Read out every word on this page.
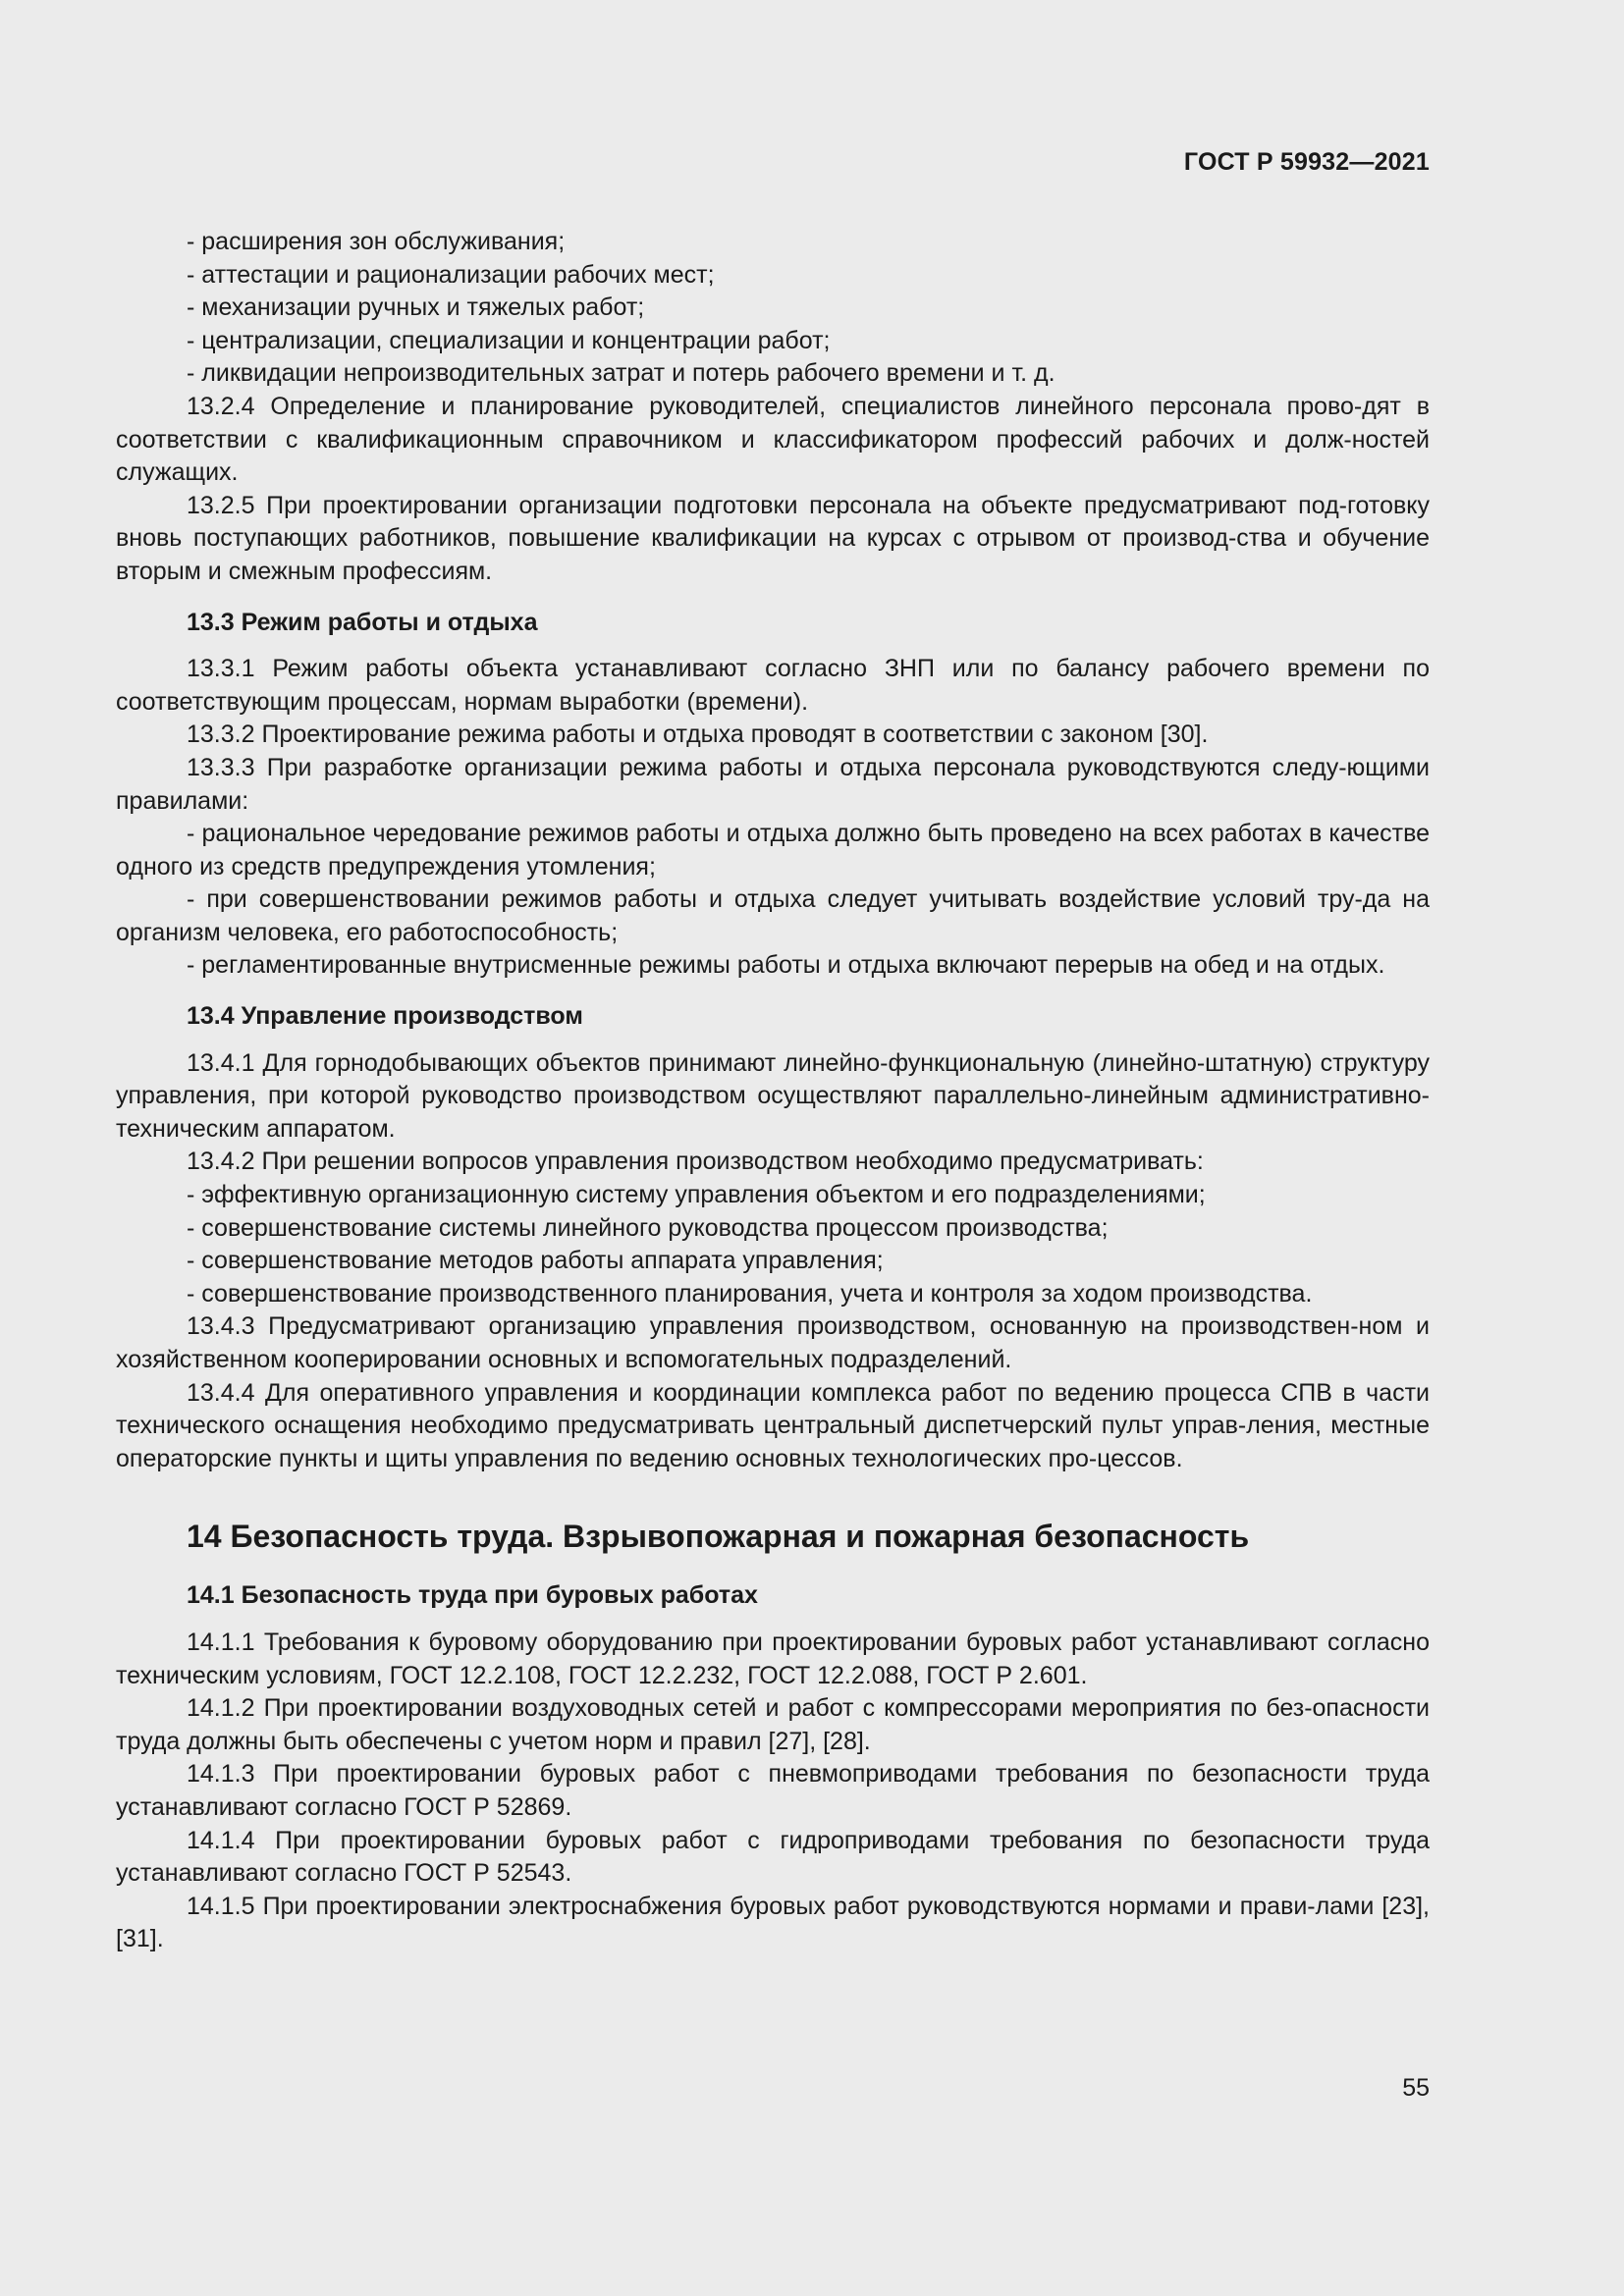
ГОСТ Р 59932—2021

- расширения зон обслуживания;

- аттестации и рационализации рабочих мест;

- механизации ручных и тяжелых работ;

- централизации, специализации и концентрации работ;

- ликвидации непроизводительных затрат и потерь рабочего времени и т. д.

13.2.4 Определение и планирование руководителей, специалистов линейного персонала прово-дят в соответствии с квалификационным справочником и классификатором профессий рабочих и долж-ностей служащих.

13.2.5 При проектировании организации подготовки персонала на объекте предусматривают под-готовку вновь поступающих работников, повышение квалификации на курсах с отрывом от производ-ства и обучение вторым и смежным профессиям.

13.3 Режим работы и отдыха

13.3.1 Режим работы объекта устанавливают согласно ЗНП или по балансу рабочего времени по соответствующим процессам, нормам выработки (времени).

13.3.2 Проектирование режима работы и отдыха проводят в соответствии с законом [30].

13.3.3 При разработке организации режима работы и отдыха персонала руководствуются следу-ющими правилами:

- рациональное чередование режимов работы и отдыха должно быть проведено на всех работах в качестве одного из средств предупреждения утомления;

- при совершенствовании режимов работы и отдыха следует учитывать воздействие условий тру-да на организм человека, его работоспособность;

- регламентированные внутрисменные режимы работы и отдыха включают перерыв на обед и на отдых.

13.4 Управление производством

13.4.1 Для горнодобывающих объектов принимают линейно-функциональную (линейно-штатную) структуру управления, при которой руководство производством осуществляют параллельно-линейным административно-техническим аппаратом.

13.4.2 При решении вопросов управления производством необходимо предусматривать:

- эффективную организационную систему управления объектом и его подразделениями;

- совершенствование системы линейного руководства процессом производства;

- совершенствование методов работы аппарата управления;

- совершенствование производственного планирования, учета и контроля за ходом производства.

13.4.3 Предусматривают организацию управления производством, основанную на производствен-ном и хозяйственном кооперировании основных и вспомогательных подразделений.

13.4.4 Для оперативного управления и координации комплекса работ по ведению процесса СПВ в части технического оснащения необходимо предусматривать центральный диспетчерский пульт управ-ления, местные операторские пункты и щиты управления по ведению основных технологических про-цессов.

14 Безопасность труда. Взрывопожарная и пожарная безопасность

14.1 Безопасность труда при буровых работах

14.1.1 Требования к буровому оборудованию при проектировании буровых работ устанавливают согласно техническим условиям, ГОСТ 12.2.108, ГОСТ 12.2.232, ГОСТ 12.2.088, ГОСТ Р 2.601.

14.1.2 При проектировании воздуховодных сетей и работ с компрессорами мероприятия по без-опасности труда должны быть обеспечены с учетом норм и правил [27], [28].

14.1.3 При проектировании буровых работ с пневмоприводами требования по безопасности труда устанавливают согласно ГОСТ Р 52869.

14.1.4 При проектировании буровых работ с гидроприводами требования по безопасности труда устанавливают согласно ГОСТ Р 52543.

14.1.5 При проектировании электроснабжения буровых работ руководствуются нормами и прави-лами [23], [31].

55
